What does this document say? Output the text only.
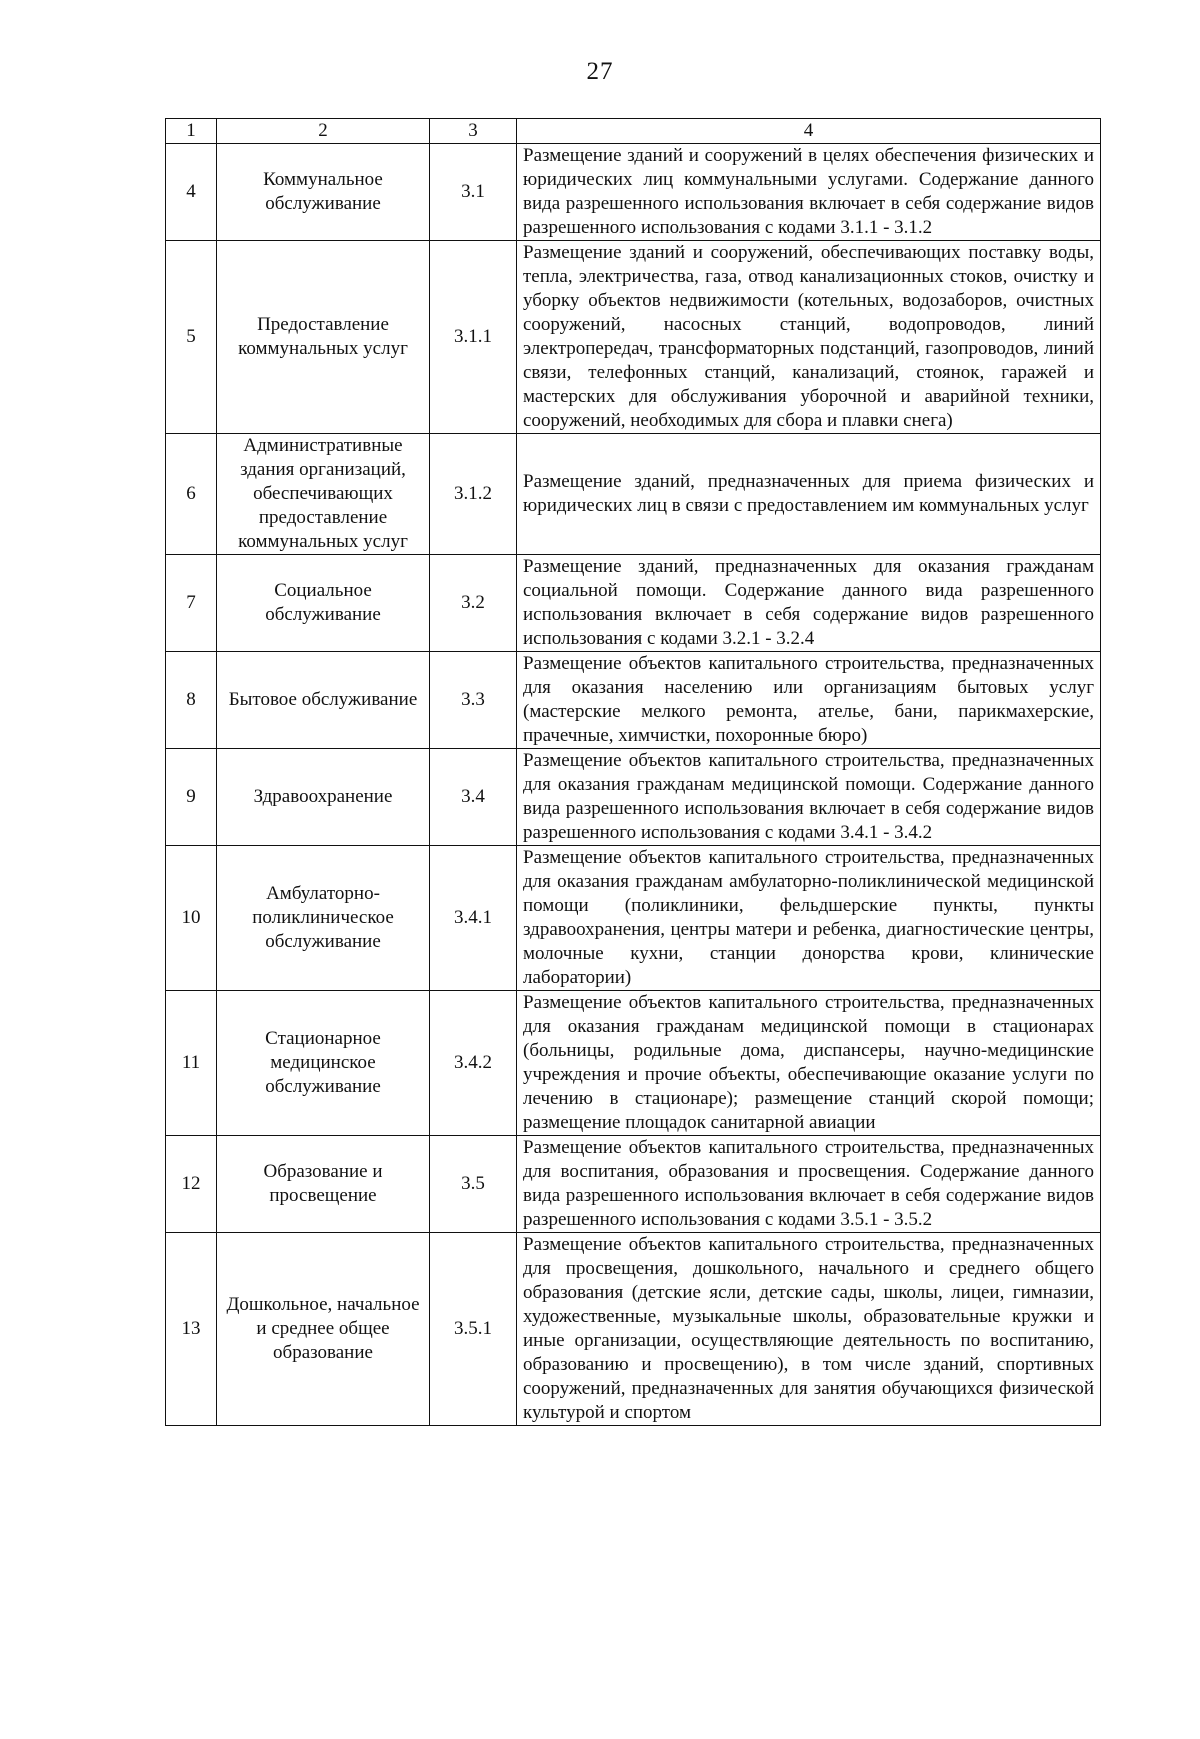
27
1	2	3	4
4	Коммунальное обслуживание	3.1	Размещение зданий и сооружений в целях обеспечения физических и юридических лиц коммунальными услугами. Содержание данного вида разрешенного использования включает в себя содержание видов разрешенного использования с кодами 3.1.1 - 3.1.2
5	Предоставление коммунальных услуг	3.1.1	Размещение зданий и сооружений, обеспечивающих поставку воды, тепла, электричества, газа, отвод канализационных стоков, очистку и уборку объектов недвижимости (котельных, водозаборов, очистных сооружений, насосных станций, водопроводов, линий электропередач, трансформаторных подстанций, газопроводов, линий связи, телефонных станций, канализаций, стоянок, гаражей и мастерских для обслуживания уборочной и аварийной техники, сооружений, необходимых для сбора и плавки снега)
6	Административные здания организаций, обеспечивающих предоставление коммунальных услуг	3.1.2	Размещение зданий, предназначенных для приема физических и юридических лиц в связи с предоставлением им коммунальных услуг
7	Социальное обслуживание	3.2	Размещение зданий, предназначенных для оказания гражданам социальной помощи. Содержание данного вида разрешенного использования включает в себя содержание видов разрешенного использования с кодами 3.2.1 - 3.2.4
8	Бытовое обслуживание	3.3	Размещение объектов капитального строительства, предназначенных для оказания населению или организациям бытовых услуг (мастерские мелкого ремонта, ателье, бани, парикмахерские, прачечные, химчистки, похоронные бюро)
9	Здравоохранение	3.4	Размещение объектов капитального строительства, предназначенных для оказания гражданам медицинской помощи. Содержание данного вида разрешенного использования включает в себя содержание видов разрешенного использования с кодами 3.4.1 - 3.4.2
10	Амбулаторно-поликлиническое обслуживание	3.4.1	Размещение объектов капитального строительства, предназначенных для оказания гражданам амбулаторно-поликлинической медицинской помощи (поликлиники, фельдшерские пункты, пункты здравоохранения, центры матери и ребенка, диагностические центры, молочные кухни, станции донорства крови, клинические лаборатории)
11	Стационарное медицинское обслуживание	3.4.2	Размещение объектов капитального строительства, предназначенных для оказания гражданам медицинской помощи в стационарах (больницы, родильные дома, диспансеры, научно-медицинские учреждения и прочие объекты, обеспечивающие оказание услуги по лечению в стационаре); размещение станций скорой помощи; размещение площадок санитарной авиации
12	Образование и просвещение	3.5	Размещение объектов капитального строительства, предназначенных для воспитания, образования и просвещения. Содержание данного вида разрешенного использования включает в себя содержание видов разрешенного использования с кодами 3.5.1 - 3.5.2
13	Дошкольное, начальное и среднее общее образование	3.5.1	Размещение объектов капитального строительства, предназначенных для просвещения, дошкольного, начального и среднего общего образования (детские ясли, детские сады, школы, лицеи, гимназии, художественные, музыкальные школы, образовательные кружки и иные организации, осуществляющие деятельность по воспитанию, образованию и просвещению), в том числе зданий, спортивных сооружений, предназначенных для занятия обучающихся физической культурой и спортом
